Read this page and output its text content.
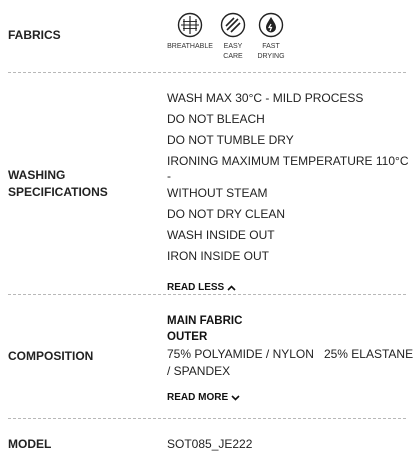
FABRICS
BREATHABLE	EASY
CARE
FAST
DRYING
WASHING
SPECIFICATIONS
WASH MAX 30°C - MILD PROCESS
DO NOT BLEACH
DO NOT TUMBLE DRY
IRONING MAXIMUM TEMPERATURE 110°C -
WITHOUT STEAM
DO NOT DRY CLEAN
WASH INSIDE OUT
IRON INSIDE OUT
READ LESS
COMPOSITION
MAIN FABRIC
OUTER
75% POLYAMIDE / NYLON   25% ELASTANE
/ SPANDEX
READ MORE
MODEL	SOT085_JE222
